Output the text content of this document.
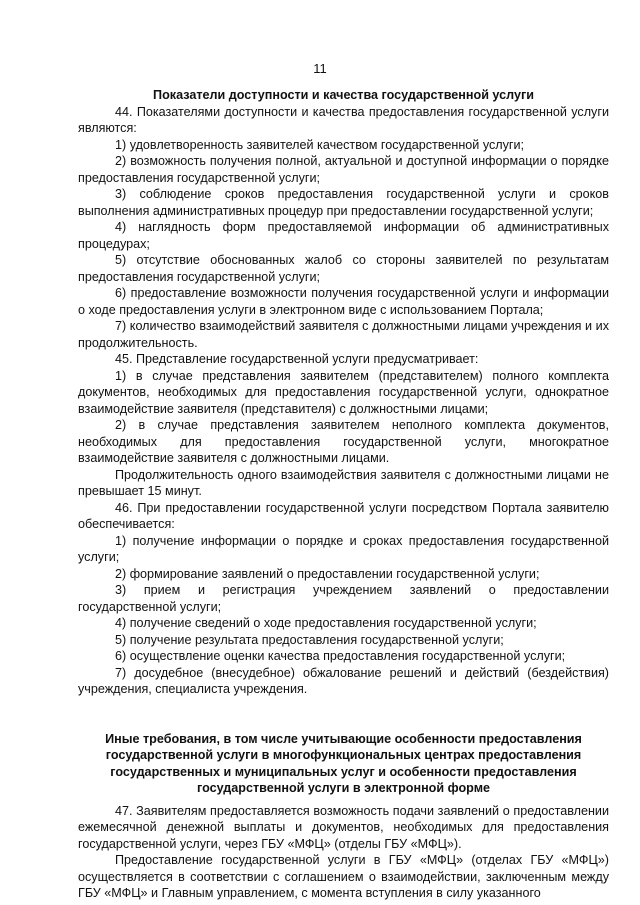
11

Показатели доступности и качества государственной услуги

44. Показателями доступности и качества предоставления государственной услуги являются:

1) удовлетворенность заявителей качеством государственной услуги;

2) возможность получения полной, актуальной и доступной информации о порядке предоставления государственной услуги;

3) соблюдение сроков предоставления государственной услуги и сроков выполнения административных процедур при предоставлении государственной услуги;

4) наглядность форм предоставляемой информации об административных процедурах;

5) отсутствие обоснованных жалоб со стороны заявителей по результатам предоставления государственной услуги;

6) предоставление возможности получения государственной услуги и информации о ходе предоставления услуги в электронном виде с использованием Портала;

7) количество взаимодействий заявителя с должностными лицами учреждения и их продолжительность.

45. Представление государственной услуги предусматривает:

1) в случае представления заявителем (представителем) полного комплекта документов, необходимых для предоставления государственной услуги, однократное взаимодействие заявителя (представителя) с должностными лицами;

2) в случае представления заявителем неполного комплекта документов, необходимых для предоставления государственной услуги, многократное взаимодействие заявителя с должностными лицами.

Продолжительность одного взаимодействия заявителя с должностными лицами не превышает 15 минут.

46. При предоставлении государственной услуги посредством Портала заявителю обеспечивается:

1) получение информации о порядке и сроках предоставления государственной услуги;

2) формирование заявлений о предоставлении государственной услуги;

3) прием и регистрация учреждением заявлений о предоставлении государственной услуги;

4) получение сведений о ходе предоставления государственной услуги;

5) получение результата предоставления государственной услуги;

6) осуществление оценки качества предоставления государственной услуги;

7) досудебное (внесудебное) обжалование решений и действий (бездействия) учреждения, специалиста учреждения.

Иные требования, в том числе учитывающие особенности предоставления государственной услуги в многофункциональных центрах предоставления государственных и муниципальных услуг и особенности предоставления государственной услуги в электронной форме

47. Заявителям предоставляется возможность подачи заявлений о предоставлении ежемесячной денежной выплаты и документов, необходимых для предоставления государственной услуги, через ГБУ «МФЦ» (отделы ГБУ «МФЦ»).

Предоставление государственной услуги в ГБУ «МФЦ» (отделах ГБУ «МФЦ») осуществляется в соответствии с соглашением о взаимодействии, заключенным между ГБУ «МФЦ» и Главным управлением, с момента вступления в силу указанного
